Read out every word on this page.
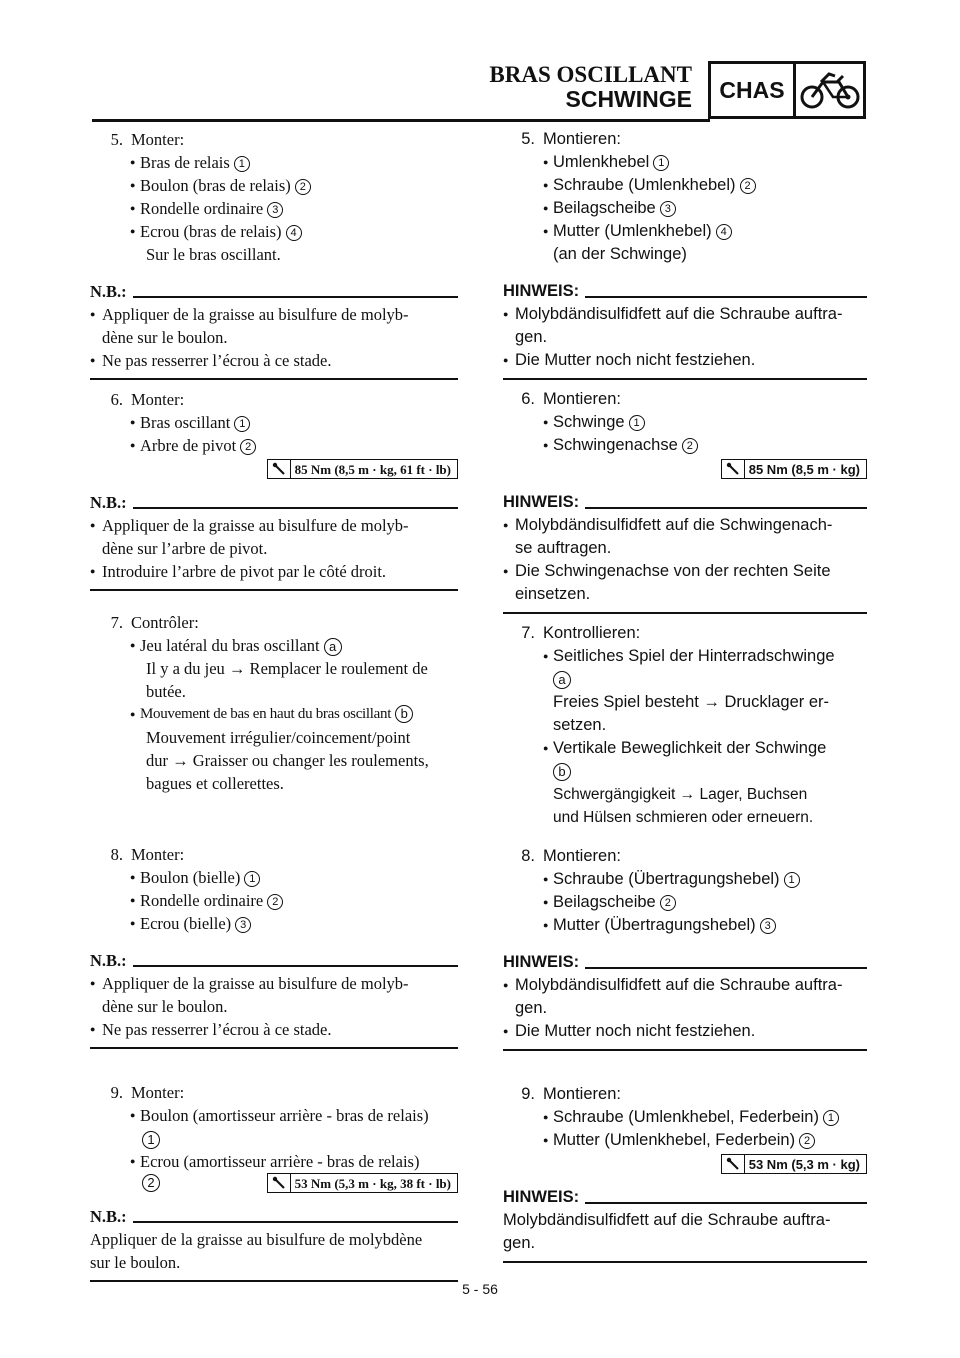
BRAS OSCILLANT
SCHWINGE	CHAS
5. Monter:
● Bras de relais 1
● Boulon (bras de relais) 2
● Rondelle ordinaire 3
● Ecrou (bras de relais) 4
Sur le bras oscillant.
N.B.:
● Appliquer de la graisse au bisulfure de molyb-
dène sur le boulon.
● Ne pas resserrer l’écrou à ce stade.
6. Monter:
● Bras oscillant 1
● Arbre de pivot 2
85 Nm (8,5 m · kg, 61 ft · lb)
N.B.:
● Appliquer de la graisse au bisulfure de molyb-
dène sur l’arbre de pivot.
● Introduire l’arbre de pivot par le côté droit.
7. Contrôler:
● Jeu latéral du bras oscillant a
Il y a du jeu → Remplacer le roulement de
butée.
● Mouvement de bas en haut du bras oscillant b
Mouvement irrégulier/coincement/point
dur → Graisser ou changer les roulements,
bagues et collerettes.
8. Monter:
● Boulon (bielle) 1
● Rondelle ordinaire 2
● Ecrou (bielle) 3
N.B.:
● Appliquer de la graisse au bisulfure de molyb-
dène sur le boulon.
● Ne pas resserrer l’écrou à ce stade.
9. Monter:
● Boulon (amortisseur arrière - bras de relais)
1
● Ecrou (amortisseur arrière - bras de relais)
2	53 Nm (5,3 m · kg, 38 ft · lb)
N.B.:
Appliquer de la graisse au bisulfure de molybdène
sur le boulon.
5. Montieren:
● Umlenkhebel 1
● Schraube (Umlenkhebel) 2
● Beilagscheibe 3
● Mutter (Umlenkhebel) 4
(an der Schwinge)
HINWEIS:
● Molybdändisulfidfett auf die Schraube auftra-
gen.
● Die Mutter noch nicht festziehen.
6. Montieren:
● Schwinge 1
● Schwingenachse 2
85 Nm (8,5 m · kg)
HINWEIS:
● Molybdändisulfidfett auf die Schwingenach-
se auftragen.
● Die Schwingenachse von der rechten Seite
einsetzen.
7. Kontrollieren:
● Seitliches Spiel der Hinterradschwinge
a
Freies Spiel besteht → Drucklager er-
setzen.
● Vertikale Beweglichkeit der Schwinge
b
Schwergängigkeit → Lager, Buchsen
und Hülsen schmieren oder erneuern.
8. Montieren:
● Schraube (Übertragungshebel) 1
● Beilagscheibe 2
● Mutter (Übertragungshebel) 3
HINWEIS:
● Molybdändisulfidfett auf die Schraube auftra-
gen.
● Die Mutter noch nicht festziehen.
9. Montieren:
● Schraube (Umlenkhebel, Federbein) 1
● Mutter (Umlenkhebel, Federbein) 2
53 Nm (5,3 m · kg)
HINWEIS:
Molybdändisulfidfett auf die Schraube auftra-
gen.
5 - 56
